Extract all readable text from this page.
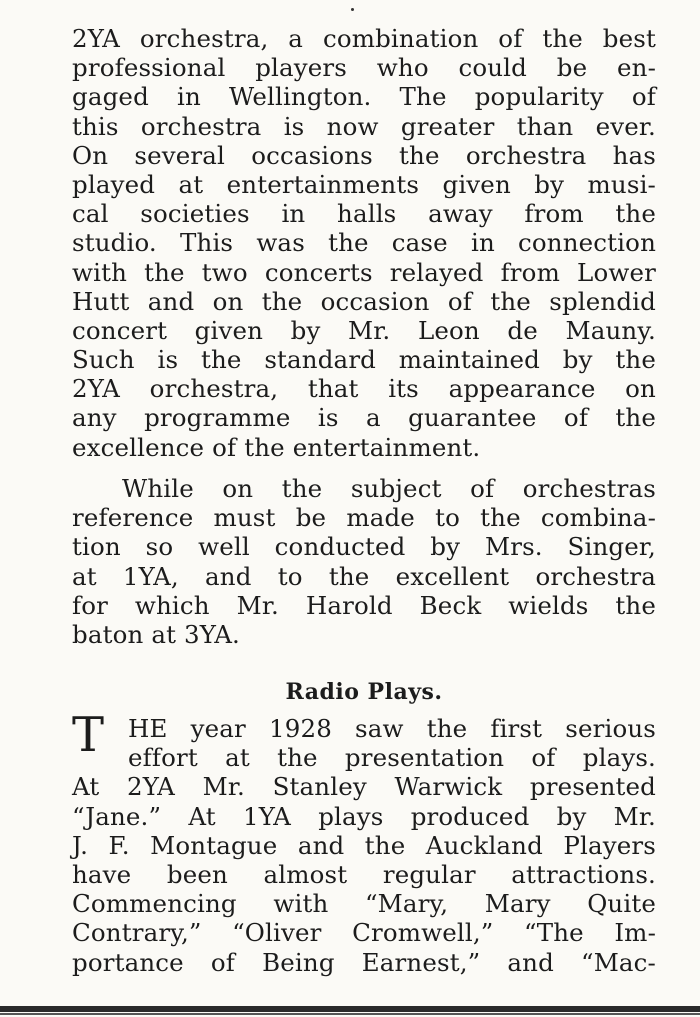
2YA orchestra, a combination of the best
professional players who could be en-
gaged in Wellington. The popularity of
this orchestra is now greater than ever.
On several occasions the orchestra has
played at entertainments given by musi-
cal societies in halls away from the
studio. This was the case in connection
with the two concerts relayed from Lower
Hutt and on the occasion of the splendid
concert given by Mr. Leon de Mauny.
Such is the standard maintained by the
2YA orchestra, that its appearance on
any programme is a guarantee of the
excellence of the entertainment.
While on the subject of orchestras
reference must be made to the combina-
tion so well conducted by Mrs. Singer,
at 1YA, and to the excellent orchestra
for which Mr. Harold Beck wields the
baton at 3YA.
Radio Plays.
T HE year 1928 saw the first serious
effort at the presentation of plays.
At 2YA Mr. Stanley Warwick presented
“Jane.” At 1YA plays produced by Mr.
J. F. Montague and the Auckland Players
have been almost regular attractions.
Commencing with “Mary, Mary Quite
Contrary,” “Oliver Cromwell,” “The Im-
portance of Being Earnest,” and “Mac-
